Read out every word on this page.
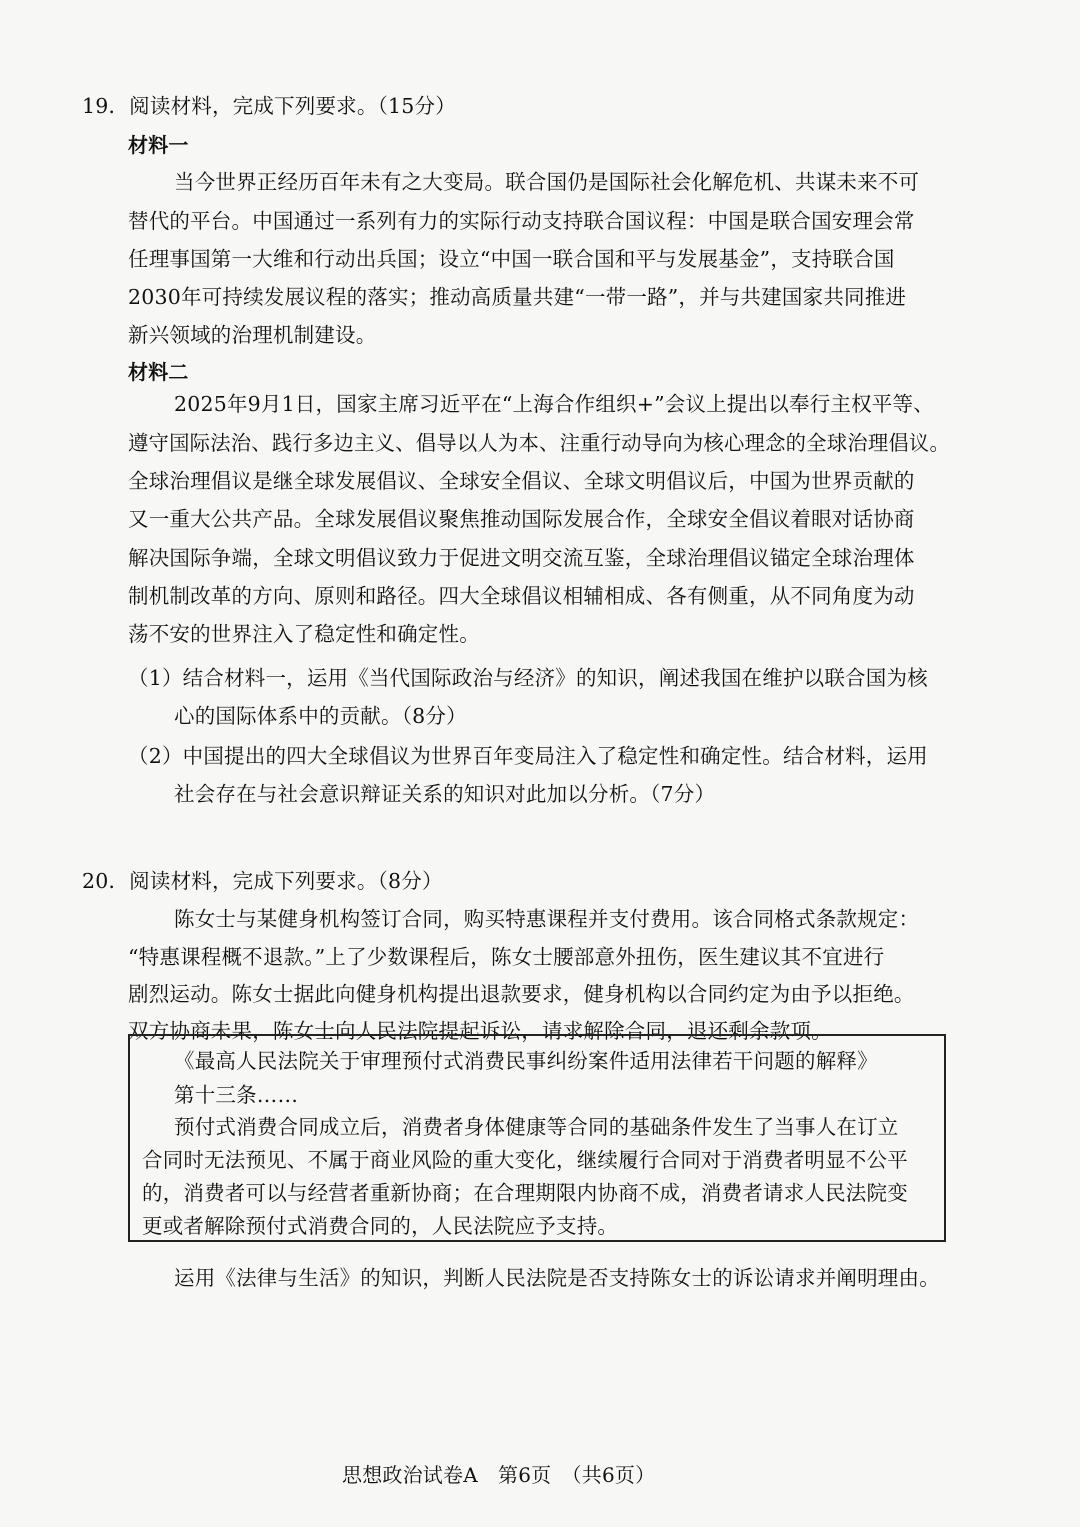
19．阅读材料，完成下列要求。（15分）
材料一
当今世界正经历百年未有之大变局。联合国仍是国际社会化解危机、共谋未来不可
替代的平台。中国通过一系列有力的实际行动支持联合国议程：中国是联合国安理会常
任理事国第一大维和行动出兵国；设立“中国一联合国和平与发展基金”，支持联合国
2030年可持续发展议程的落实；推动高质量共建“一带一路”，并与共建国家共同推进
新兴领域的治理机制建设。
材料二
2025年9月1日，国家主席习近平在“上海合作组织+”会议上提出以奉行主权平等、
遵守国际法治、践行多边主义、倡导以人为本、注重行动导向为核心理念的全球治理倡议。
全球治理倡议是继全球发展倡议、全球安全倡议、全球文明倡议后，中国为世界贡献的
又一重大公共产品。全球发展倡议聚焦推动国际发展合作，全球安全倡议着眼对话协商
解决国际争端，全球文明倡议致力于促进文明交流互鉴，全球治理倡议锚定全球治理体
制机制改革的方向、原则和路径。四大全球倡议相辅相成、各有侧重，从不同角度为动
荡不安的世界注入了稳定性和确定性。
（1）结合材料一，运用《当代国际政治与经济》的知识，阐述我国在维护以联合国为核
心的国际体系中的贡献。（8分）
（2）中国提出的四大全球倡议为世界百年变局注入了稳定性和确定性。结合材料，运用
社会存在与社会意识辩证关系的知识对此加以分析。（7分）
20．阅读材料，完成下列要求。（8分）
陈女士与某健身机构签订合同，购买特惠课程并支付费用。该合同格式条款规定：
“特惠课程概不退款。”上了少数课程后，陈女士腰部意外扭伤，医生建议其不宜进行
剧烈运动。陈女士据此向健身机构提出退款要求，健身机构以合同约定为由予以拒绝。
双方协商未果，陈女士向人民法院提起诉讼，请求解除合同，退还剩余款项。
《最高人民法院关于审理预付式消费民事纠纷案件适用法律若干问题的解释》
第十三条……
预付式消费合同成立后，消费者身体健康等合同的基础条件发生了当事人在订立
合同时无法预见、不属于商业风险的重大变化，继续履行合同对于消费者明显不公平
的，消费者可以与经营者重新协商；在合理期限内协商不成，消费者请求人民法院变
更或者解除预付式消费合同的，人民法院应予支持。
运用《法律与生活》的知识，判断人民法院是否支持陈女士的诉讼请求并阐明理由。
思想政治试卷A　第6页　（共6页）
